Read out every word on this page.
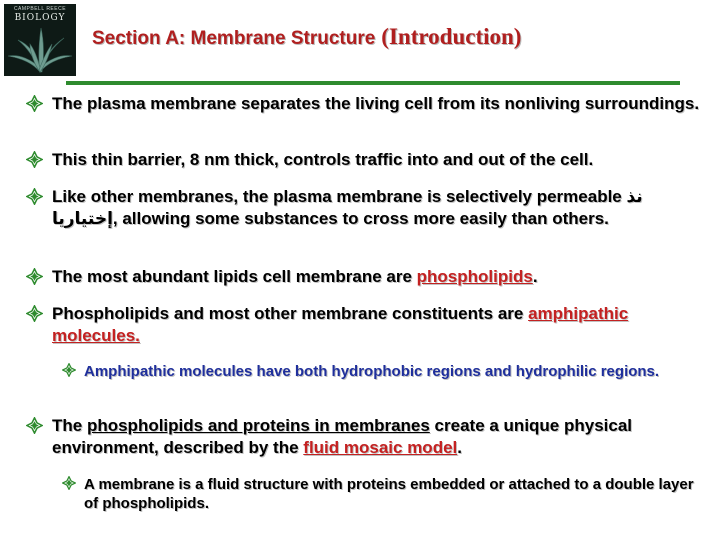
CAMPBELL REECE
BIOLOGY
Section A: Membrane Structure (Introduction)
The plasma membrane separates the living cell from its nonliving surroundings.
This thin barrier, 8 nm thick, controls traffic into and out of the cell.
Like other membranes, the plasma membrane is selectively permeable نذ إختياريا, allowing some substances to cross more easily than others.
The most abundant lipids cell membrane are phospholipids.
Phospholipids and most other membrane constituents are amphipathic molecules.
Amphipathic molecules have both hydrophobic regions and hydrophilic regions.
The phospholipids and proteins in membranes create a unique physical environment, described by the fluid mosaic model.
A membrane is a fluid structure with proteins embedded or attached to a double layer of phospholipids.
